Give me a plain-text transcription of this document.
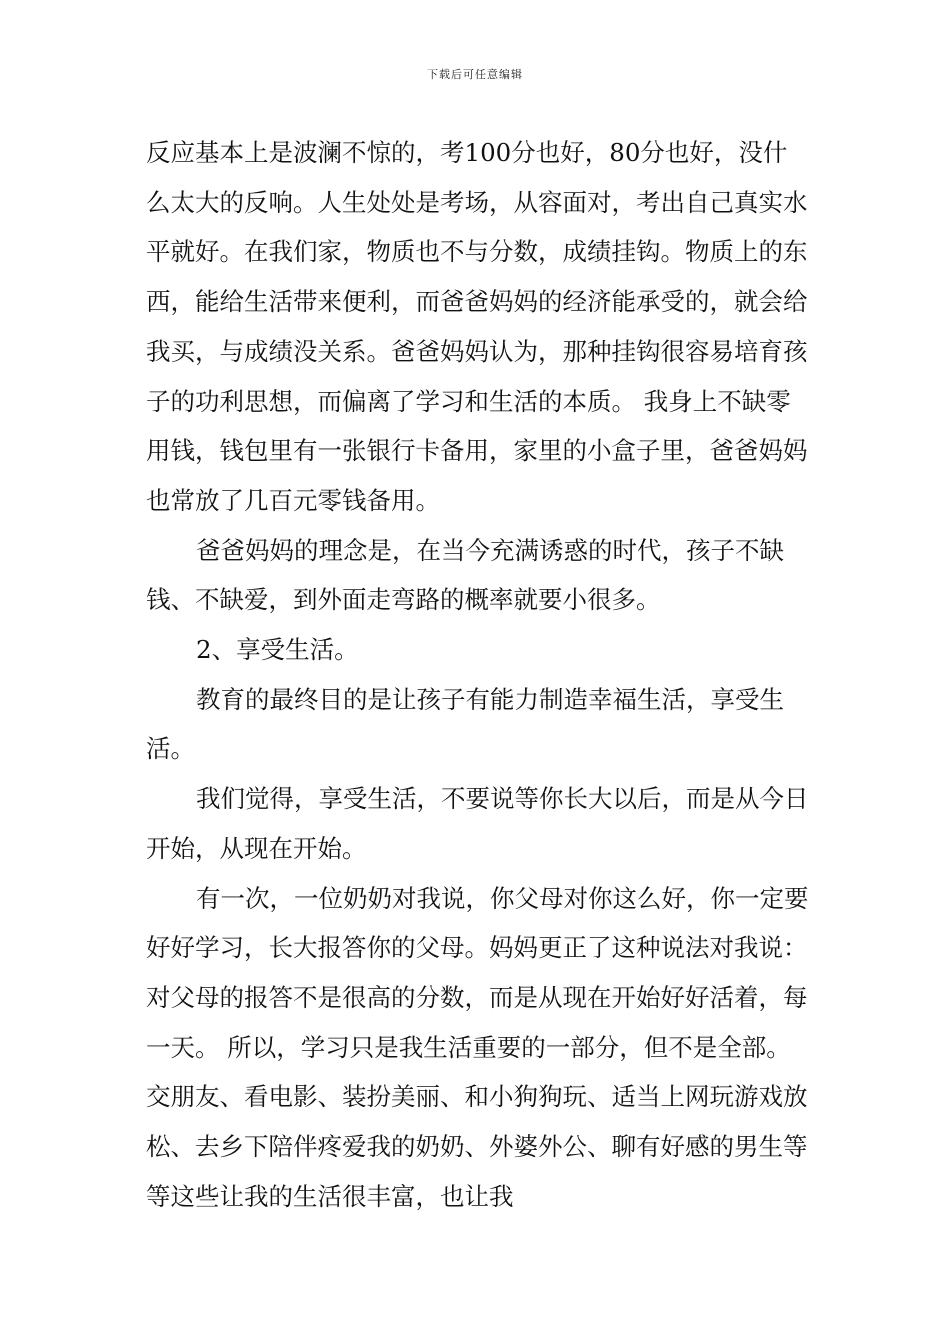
下载后可任意编辑

反应基本上是波澜不惊的，考100分也好，80分也好，没什么太大的反响。人生处处是考场，从容面对，考出自己真实水平就好。在我们家，物质也不与分数，成绩挂钩。物质上的东西，能给生活带来便利，而爸爸妈妈的经济能承受的，就会给我买，与成绩没关系。爸爸妈妈认为，那种挂钩很容易培育孩子的功利思想，而偏离了学习和生活的本质。 我身上不缺零用钱，钱包里有一张银行卡备用，家里的小盒子里，爸爸妈妈也常放了几百元零钱备用。

爸爸妈妈的理念是，在当今充满诱惑的时代，孩子不缺钱、不缺爱，到外面走弯路的概率就要小很多。

2、享受生活。

教育的最终目的是让孩子有能力制造幸福生活，享受生活。

我们觉得，享受生活，不要说等你长大以后，而是从今日开始，从现在开始。

有一次，一位奶奶对我说，你父母对你这么好，你一定要好好学习，长大报答你的父母。妈妈更正了这种说法对我说：对父母的报答不是很高的分数，而是从现在开始好好活着，每一天。 所以，学习只是我生活重要的一部分，但不是全部。交朋友、看电影、装扮美丽、和小狗狗玩、适当上网玩游戏放松、去乡下陪伴疼爱我的奶奶、外婆外公、聊有好感的男生等等这些让我的生活很丰富，也让我
